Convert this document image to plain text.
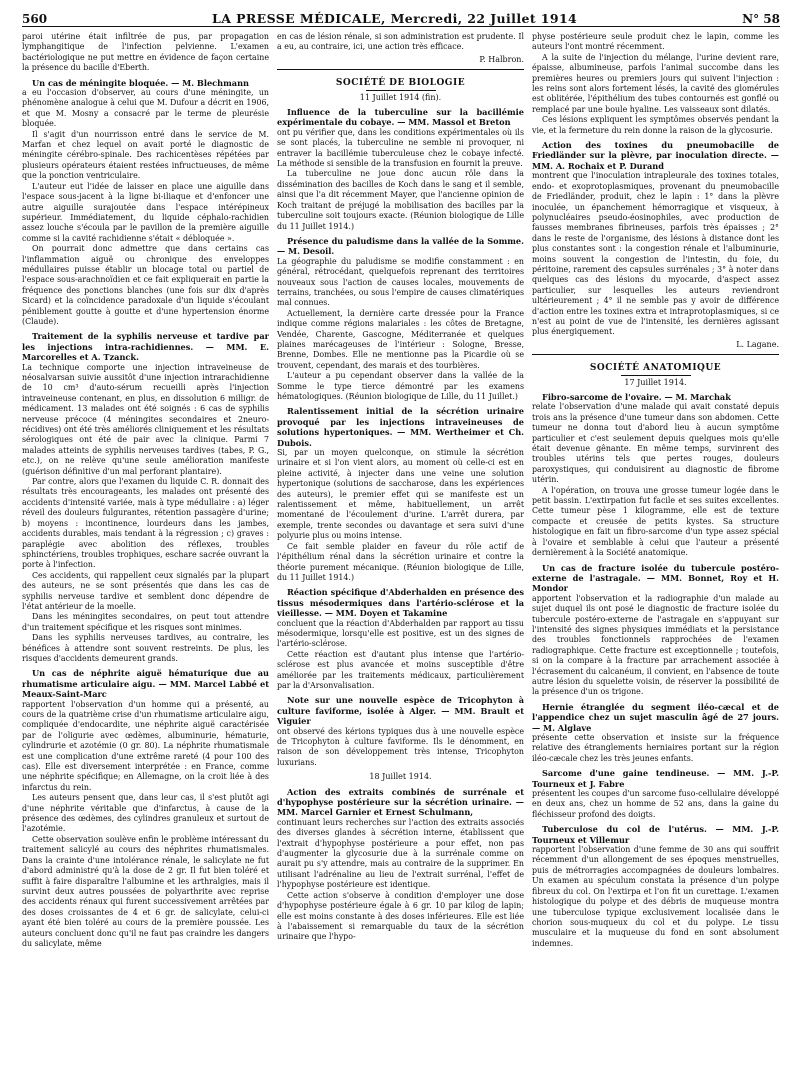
560	LA PRESSE MÉDICALE, Mercredi, 22 Juillet 1914	N° 58

paroi utérine était infiltrée de pus, par propagation lymphangitique de l'infection pelvienne. L'examen bactériologique ne put mettre en évidence de façon certaine la présence du bacille d'Eberth.

Un cas de méningite bloquée. — M. Blechmann

a eu l'occasion d'observer, au cours d'une méningite, un phénomène analogue à celui que M. Dufour a décrit en 1906, et que M. Mosny a consacré par le terme de pleurésie bloquée.

Il s'agit d'un nourrisson entré dans le service de M. Marfan et chez lequel on avait porté le diagnostic de méningite cérébro-spinale. Des rachicentèses répétées par plusieurs opérateurs étaient restées infructueuses, de même que la ponction ventriculaire.

L'auteur eut l'idée de laisser en place une aiguille dans l'espace sous-jacent à la ligne bi-iliaque et d'enfoncer une autre aiguille surajoutée dans l'espace intérépineux supérieur. Immédiatement, du liquide céphalo-rachidien assez louche s'écoula par le pavillon de la première aiguille comme si la cavité rachidienne s'était « débloquée ».

On pourrait donc admettre que dans certains cas l'inflammation aiguë ou chronique des enveloppes médullaires puisse établir un blocage total ou partiel de l'espace sous-arachnoïdien et ce fait expliquerait en partie la fréquence des ponctions blanches (une fois sur dix d'après Sicard) et la coïncidence paradoxale d'un liquide s'écoulant péniblement goutte à goutte et d'une hypertension énorme (Claude).

Traitement de la syphilis nerveuse et tardive par les injections intra-rachidiennes. — MM. E. Marcorelles et A. Tzanck.

La technique comporte une injection intraveineuse de néosalvarsan suivie aussitôt d'une injection intrarachidienne de 10 cm³ d'auto-sérum recueilli après l'injection intraveineuse contenant, en plus, en dissolution 6 milligr. de médicament. 13 malades ont été soignés : 6 cas de syphilis nerveuse précoce (4 méningites secondaires et 2neuro-récidives) ont été très améliorés cliniquement et les résultats sérologiques ont été de pair avec la clinique. Parmi 7 malades atteints de syphilis nerveuses tardives (tabes, P. G., etc.), on ne relève qu'une seule amélioration manifeste (guérison définitive d'un mal perforant plantaire).

Par contre, alors que l'examen du liquide C. R. donnait des résultats très encourageants, les malades ont présenté des accidents d'intensité variée, mais à type médullaire : a) léger réveil des douleurs fulgurantes, rétention passagère d'urine; b) moyens : incontinence, lourdeurs dans les jambes, accidents durables, mais tendant à la régression ; c) graves : paraplégie avec abolition des réflexes, troubles sphinctériens, troubles trophiques, eschare sacrée ouvrant la porte à l'infection.

Ces accidents, qui rappellent ceux signalés par la plupart des auteurs, ne se sont présentés que dans les cas de syphilis nerveuse tardive et semblent donc dépendre de l'état antérieur de la moelle.

Dans les méningites secondaires, on peut tout attendre d'un traitement spécifique et les risques sont minimes.

Dans les syphilis nerveuses tardives, au contraire, les bénéfices à attendre sont souvent restreints. De plus, les risques d'accidents demeurent grands.

Un cas de néphrite aiguë hématurique due au rhumatisme articulaire aigu. — MM. Marcel Labbé et Meaux-Saint-Marc

rapportent l'observation d'un homme qui a présenté, au cours de la quatrième crise d'un rhumatisme articulaire aigu, compliquée d'endocardite, une néphrite aiguë caractérisée par de l'oligurie avec œdèmes, albuminurie, hématurie, cylindrurie et azotémie (0 gr. 80). La néphrite rhumatismale est une complication d'une extrême rareté (4 pour 100 des cas). Elle est diversement interprétée : en France, comme une néphrite spécifique; en Allemagne, on la croit liée à des infarctus du rein.

Les auteurs pensent que, dans leur cas, il s'est plutôt agi d'une néphrite véritable que d'infarctus, à cause de la présence des œdèmes, des cylindres granuleux et surtout de l'azotémie.

Cette observation soulève enfin le problème intéressant du traitement salicylé au cours des néphrites rhumatismales. Dans la crainte d'une intolérance rénale, le salicylate ne fut d'abord administré qu'à la dose de 2 gr. Il fut bien toléré et suffit à faire disparaître l'albumine et les arthralgies, mais il survint deux autres poussées de polyarthrite avec reprise des accidents rénaux qui furent successivement arrêtées par des doses croissantes de 4 et 6 gr. de salicylate, celui-ci ayant été bien toléré au cours de la première poussée. Les auteurs concluent donc qu'il ne faut pas craindre les dangers du salicylate, même

en cas de lésion rénale, si son administration est prudente. Il a eu, au contraire, ici, une action très efficace.

P. Halbron.
SOCIÉTÉ DE BIOLOGIE
11 Juillet 1914 (fin).
Influence de la tuberculine sur la bacillémie expérimentale du cobaye. — MM. Massol et Breton

ont pu vérifier que, dans les conditions expérimentales où ils se sont placés, la tuberculine ne semble ni provoquer, ni entraver la bacillémie tuberculeuse chez le cobaye infecté. La méthode si sensible de la transfusion en fournit la preuve.

La tuberculine ne joue donc aucun rôle dans la dissémination des bacilles de Koch dans le sang et il semble, ainsi que l'a dit récemment Mayer, que l'ancienne opinion de Koch traitant de préjugé la mobilisation des bacilles par la tuberculine soit toujours exacte. (Réunion biologique de Lille du 11 Juillet 1914.)

Présence du paludisme dans la vallée de la Somme. — M. Desoil.

La géographie du paludisme se modifie constamment : en général, rétrocédant, quelquefois reprenant des territoires nouveaux sous l'action de causes locales, mouvements de terrains, tranchées, ou sous l'empire de causes climatériques mal connues.

Actuellement, la dernière carte dressée pour la France indique comme régions malariales : les côtes de Bretagne, Vendée, Charente, Gascogne, Méditerranée et quelques plaines marécageuses de l'intérieur : Sologne, Bresse, Brenne, Dombes. Elle ne mentionne pas la Picardie où se trouvent, cependant, des marais et des tourbières.

L'auteur a pu cependant observer dans la vallée de la Somme le type tierce démontré par les examens hématologiques. (Réunion biologique de Lille, du 11 Juillet.)

Ralentissement initial de la sécrétion urinaire provoqué par les injections intraveineuses de solutions hypertoniques. — MM. Wertheimer et Ch. Dubois.

Si, par un moyen quelconque, on stimule la sécrétion urinaire et si l'on vient alors, au moment où celle-ci est en pleine activité, à injecter dans une veine une solution hypertonique (solutions de saccharose, dans les expériences des auteurs), le premier effet qui se manifeste est un ralentissement et même, habituellement, un arrêt momentané de l'écoulement d'urine. L'arrêt durera, par exemple, trente secondes ou davantage et sera suivi d'une polyurie plus ou moins intense.

Ce fait semble plaider en faveur du rôle actif de l'épithélium rénal dans la sécrétion urinaire et contre la théorie purement mécanique. (Réunion biologique de Lille, du 11 Juillet 1914.)

Réaction spécifique d'Abderhalden en présence des tissus mésodermiques dans l'artério-sclérose et la vieillesse. — MM. Doyen et Takamine

concluent que la réaction d'Abderhalden par rapport au tissu mésodermique, lorsqu'elle est positive, est un des signes de l'artério-sclérose.

Cette réaction est d'autant plus intense que l'artério-sclérose est plus avancée et moins susceptible d'être améliorée par les traitements médicaux, particulièrement par la d'Arsonvalisation.

Note sur une nouvelle espèce de Tricophyton à culture faviforme, isolée à Alger. — MM. Brault et Viguier

ont observé des kérions typiques dus à une nouvelle espèce de Tricophyton à culture faviforme. Ils le dénomment, en raison de son développement très intense, Tricophyton luxurians.

18 Juillet 1914.
Action des extraits combinés de surrénale et d'hypophyse postérieure sur la sécrétion urinaire. — MM. Marcel Garnier et Ernest Schulmann,

continuant leurs recherches sur l'action des extraits associés des diverses glandes à sécrétion interne, établissent que l'extrait d'hypophyse postérieure a pour effet, non pas d'augmenter la glycosurie due à la surrénale comme on aurait pu s'y attendre, mais au contraire de la supprimer. En utilisant l'adrénaline au lieu de l'extrait surrénal, l'effet de l'hypophyse postérieure est identique.

Cette action s'observe à condition d'employer une dose d'hypophyse postérieure égale à 6 gr. 10 par kilog de lapin; elle est moins constante à des doses inférieures. Elle est liée à l'abaissement si remarquable du taux de la sécrétion urinaire que l'hypo-

physe postérieure seule produit chez le lapin, comme les auteurs l'ont montré récemment.

A la suite de l'injection du mélange, l'urine devient rare, épaisse, albumineuse, parfois l'animal succombe dans les premières heures ou premiers jours qui suivent l'injection : les reins sont alors fortement lésés, la cavité des glomérules est oblitérée, l'épithélium des tubes contournés est gonflé ou remplacé par une boule hyaline. Les vaisseaux sont dilatés.

Ces lésions expliquent les symptômes observés pendant la vie, et la fermeture du rein donne la raison de la glycosurie.

Action des toxines du pneumobacille de Friedländer sur la plèvre, par inoculation directe. — MM. A. Rochaix et P. Durand

montrent que l'inoculation intrapleurale des toxines totales, endo- et exoprotoplasmiques, provenant du pneumobacille de Friedländer, produit, chez le lapin : 1° dans la plèvre inoculée, un épanchement hémorragique et visqueux, à polynucléaires pseudo-éosinophiles, avec production de fausses membranes fibrineuses, parfois très épaisses ; 2° dans le reste de l'organisme, des lésions à distance dont les plus constantes sont : la congestion rénale et l'albuminurie, moins souvent la congestion de l'intestin, du foie, du péritoine, rarement des capsules surrénales ; 3° à noter dans quelques cas des lésions du myocarde, d'aspect assez particulier, sur lesquelles les auteurs reviendront ultérieurement ; 4° il ne semble pas y avoir de différence d'action entre les toxines extra et intraprotoplasmiques, si ce n'est au point de vue de l'intensité, les dernières agissant plus énergiquement.

L. Lagane.
SOCIÉTÉ ANATOMIQUE
17 Juillet 1914.
Fibro-sarcome de l'ovaire. — M. Marchak

relate l'observation d'une malade qui avait constaté depuis trois ans la présence d'une tumeur dans son abdomen. Cette tumeur ne donna tout d'abord lieu à aucun symptôme particulier et c'est seulement depuis quelques mois qu'elle était devenue gênante. En même temps, survinrent des troubles utérins tels que pertes rouges, douleurs paroxystiques, qui conduisirent au diagnostic de fibrome utérin.

A l'opération, on trouva une grosse tumeur logée dans le petit bassin. L'extirpation fut facile et ses suites excellentes. Cette tumeur pèse 1 kilogramme, elle est de texture compacte et creusée de petits kystes. Sa structure histologique en fait un fibro-sarcome d'un type assez spécial à l'ovaire et semblable à celui que l'auteur a présenté dernièrement à la Société anatomique.

Un cas de fracture isolée du tubercule postéro-externe de l'astragale. — MM. Bonnet, Roy et H. Mondor

apportent l'observation et la radiographie d'un malade au sujet duquel ils ont posé le diagnostic de fracture isolée du tubercule postéro-externe de l'astragale en s'appuyant sur l'intensité des signes physiques immédiats et la persistance des troubles fonctionnels rapprochées de l'examen radiographique. Cette fracture est exceptionnelle ; toutefois, si on la compare à la fracture par arrachement associée à l'écrasement du calcanéum, il convient, en l'absence de toute autre lésion du squelette voisin, de réserver la possibilité de la présence d'un os trigone.

Hernie étranglée du segment iléo-cæcal et de l'appendice chez un sujet masculin âgé de 27 jours. — M. Alglave

présente cette observation et insiste sur la fréquence relative des étranglements herniaires portant sur la région iléo-cæcale chez les très jeunes enfants.

Sarcome d'une gaine tendineuse. — MM. J.-P. Tourneux et J. Fabre

présentent les coupes d'un sarcome fuso-cellulaire développé en deux ans, chez un homme de 52 ans, dans la gaine du fléchisseur profond des doigts.

Tuberculose du col de l'utérus. — MM. J.-P. Tourneux et Villemur

rapportent l'observation d'une femme de 30 ans qui souffrit récemment d'un allongement de ses époques menstruelles, puis de métrorragies accompagnées de douleurs lombaires. Un examen au spéculum constata la présence d'un polype fibreux du col. On l'extirpa et l'on fit un curettage. L'examen histologique du polype et des débris de muqueuse montra une tuberculose typique exclusivement localisée dans le chorion sous-muqueux du col et du polype. Le tissu musculaire et la muqueuse du fond en sont absolument indemnes.
